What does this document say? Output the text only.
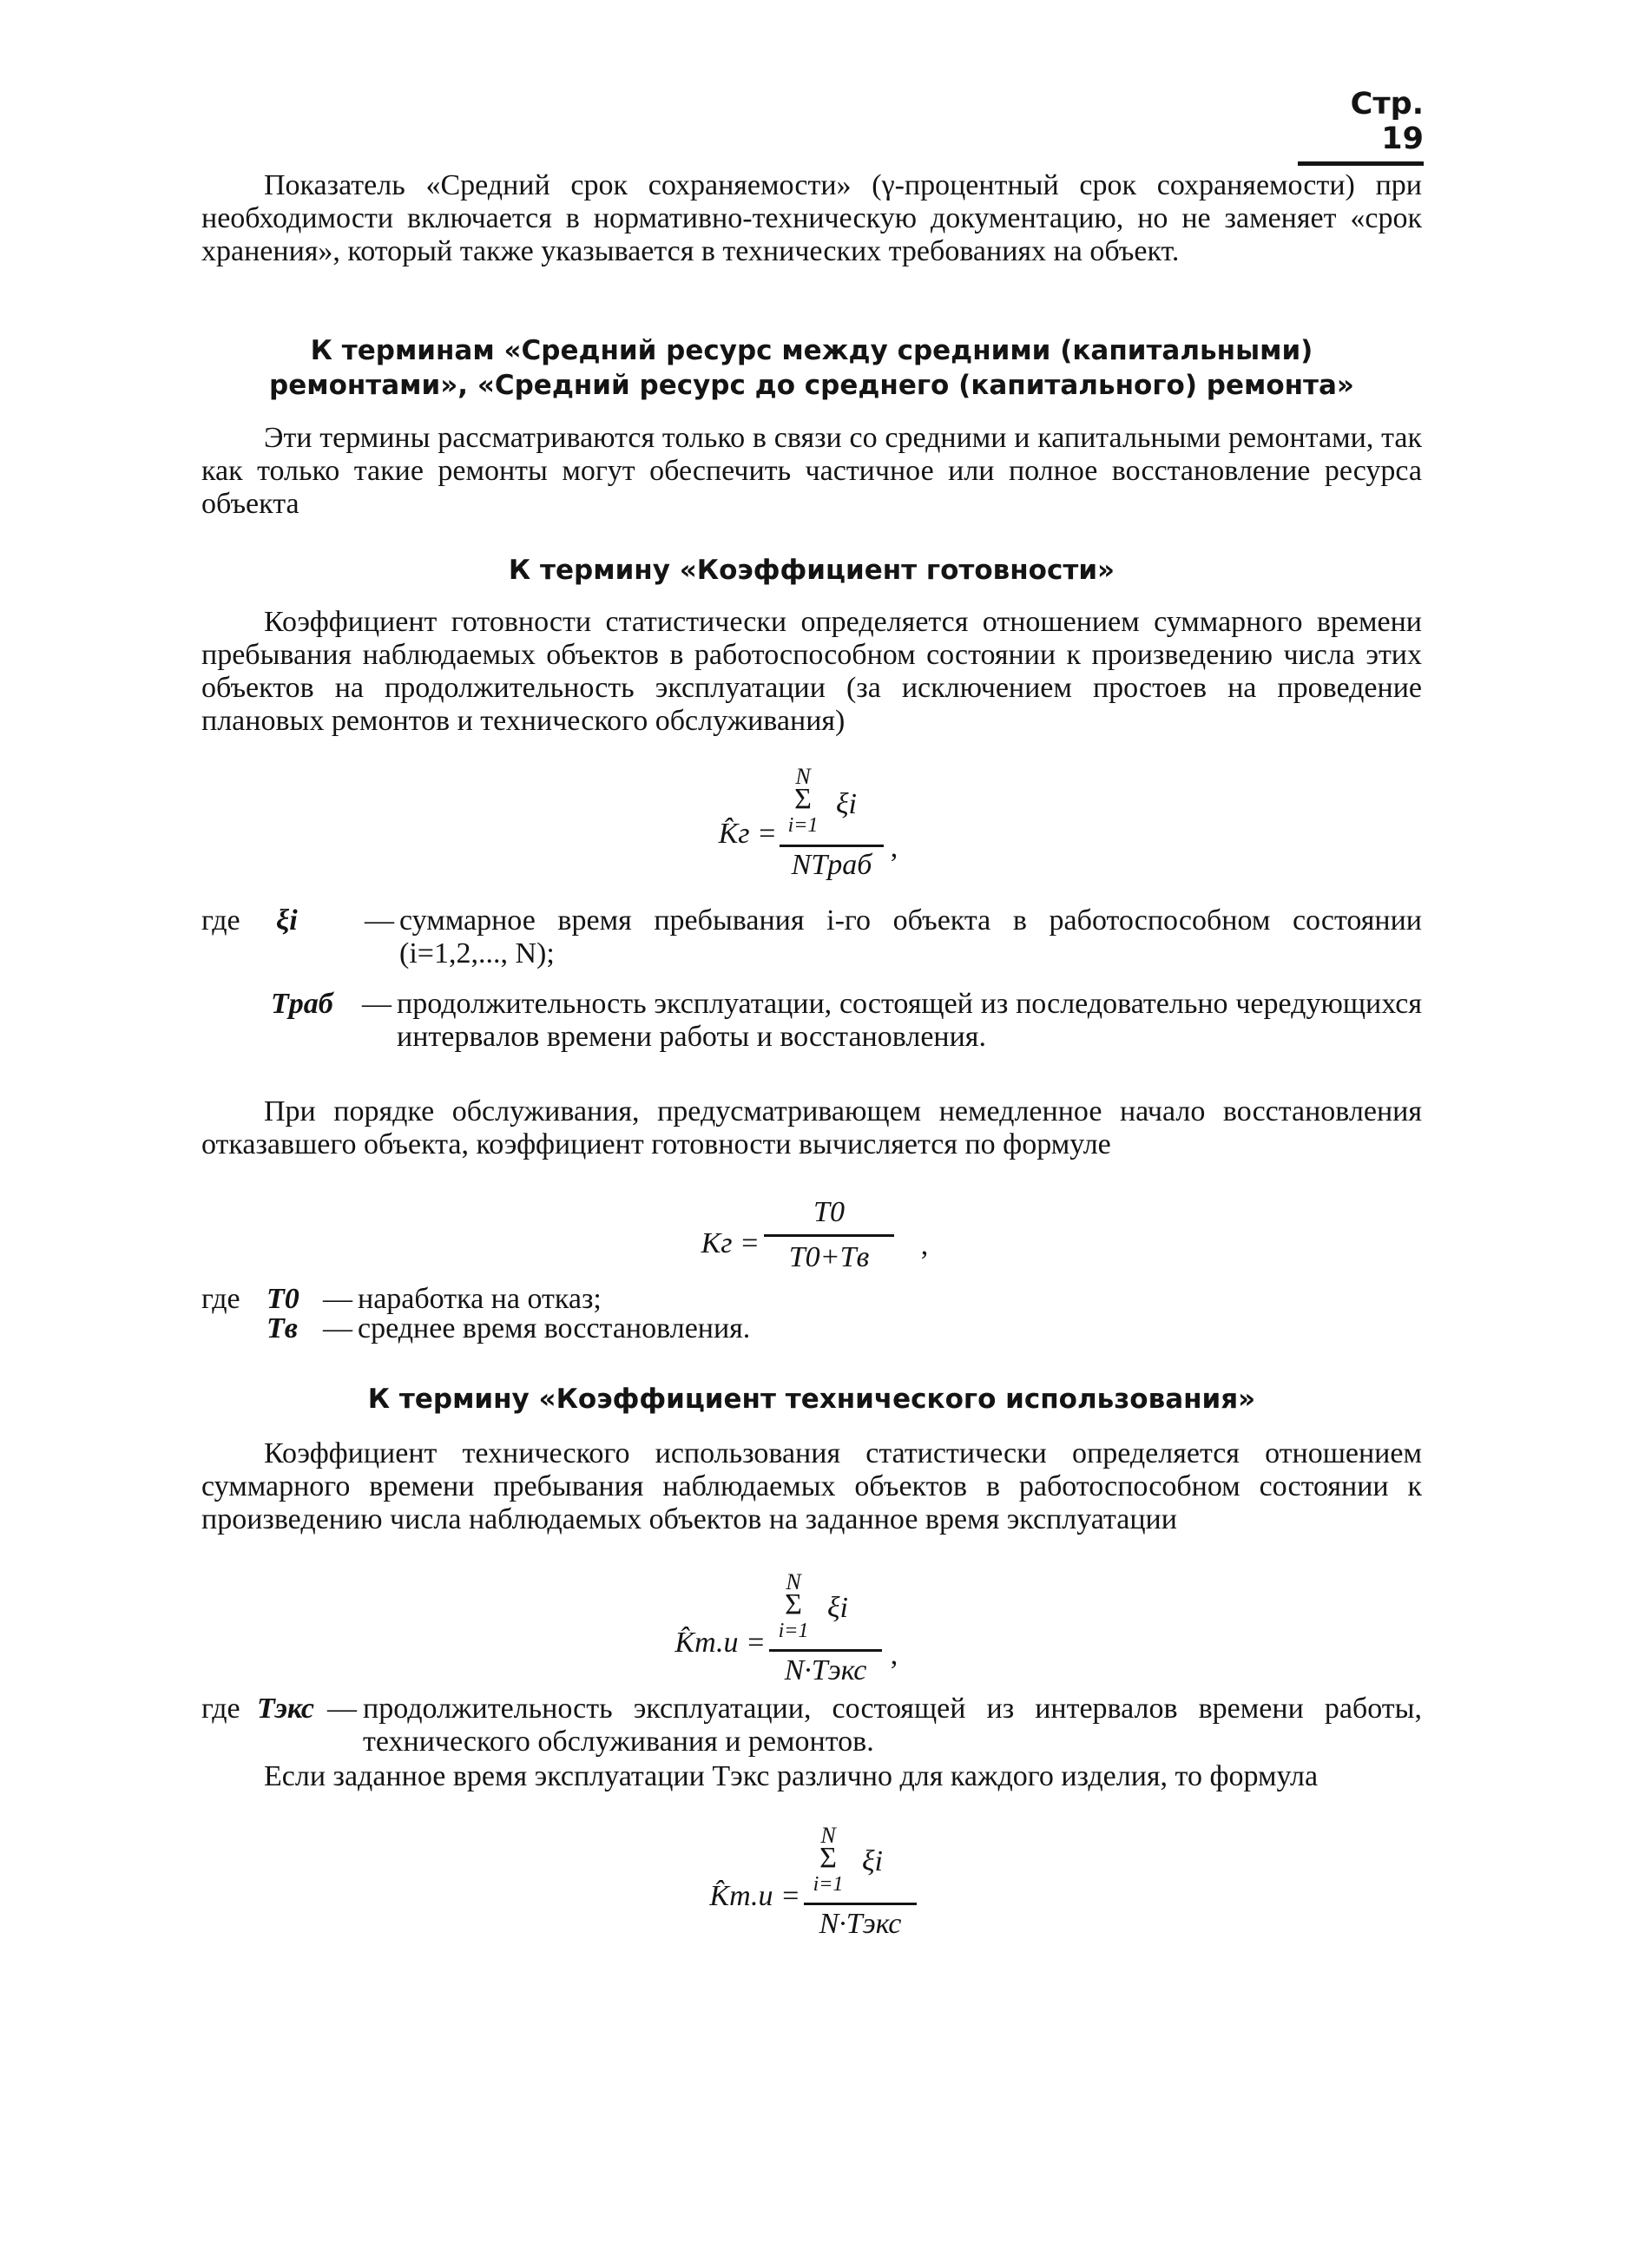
Стр. 19

Показатель «Средний срок сохраняемости» (γ-процентный срок сохраняемости) при необходимости включается в нормативно-техническую документацию, но не заменяет «срок хранения», который также указывается в технических требованиях на объект.

К терминам «Средний ресурс между средними (капитальными)
ремонтами», «Средний ресурс до среднего (капитального) ремонта»

Эти термины рассматриваются только в связи со средними и капитальными ремонтами, так как только такие ремонты могут обеспечить частичное или полное восстановление ресурса объекта

К термину «Коэффициент готовности»

Коэффициент готовности статистически определяется отношением суммарного времени пребывания наблюдаемых объектов в работоспособном состоянии к произведению числа этих объектов на продолжительность эксплуатации (за исключением простоев на проведение плановых ремонтов и технического обслуживания)

K̂г =
N
Σ
i=1
ξi
NTраб
,
где ξi — суммарное время пребывания i-го объекта в работоспособном состоянии (i=1,2,..., N);
Tраб — продолжительность эксплуатации, состоящей из последовательно чередующихся интервалов времени работы и восстановления.

При порядке обслуживания, предусматривающем немедленное начало восстановления отказавшего объекта, коэффициент готовности вычисляется по формуле

Kг =
T0
T0+Tв	,
где T0 — наработка на отказ;
Tв — среднее время восстановления.
К термину «Коэффициент технического использования»

Коэффициент технического использования статистически определяется отношением суммарного времени пребывания наблюдаемых объектов в работоспособном состоянии к произведению числа наблюдаемых объектов на заданное время эксплуатации

K̂т.и =
N
Σ
i=1
ξi
N·Tэкс ,
где Tэкс — продолжительность эксплуатации, состоящей из интервалов времени работы, технического обслуживания и ремонтов.

Если заданное время эксплуатации Tэкс различно для каждого изделия, то формула

K̂т.и =
N
Σ
i=1
ξi
N·Tэкс
